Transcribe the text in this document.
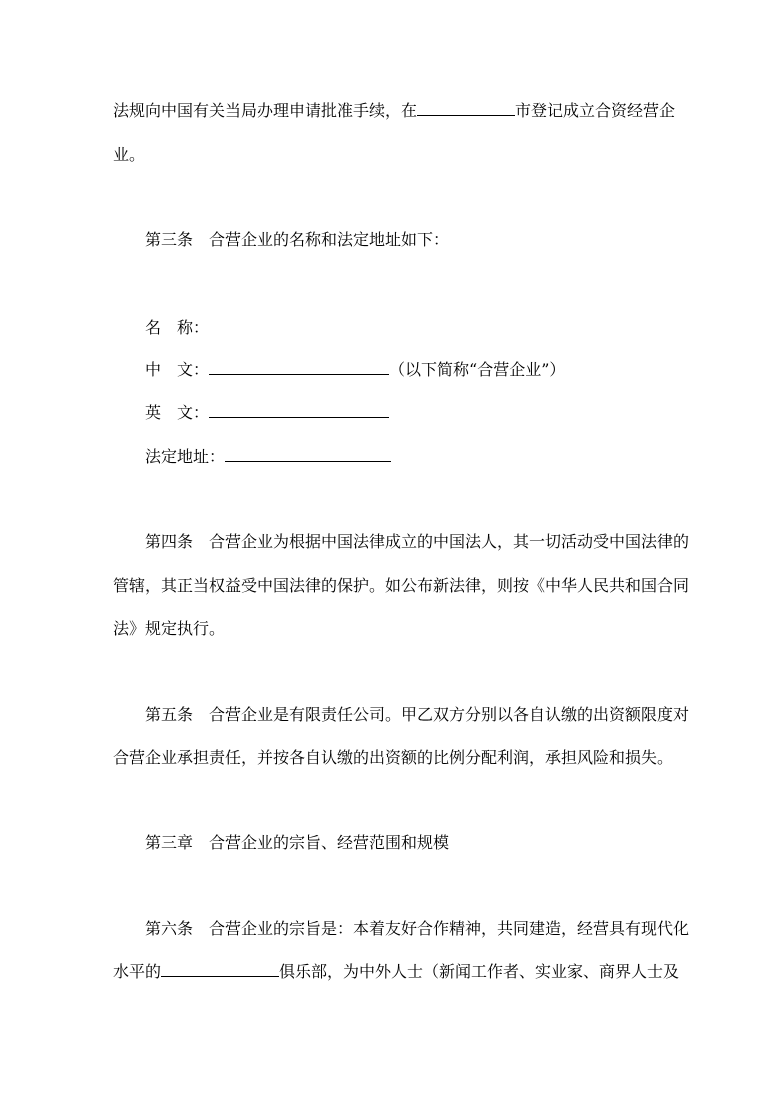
法规向中国有关当局办理申请批准手续，在	市登记成立合资经营企
业。
第三条　合营企业的名称和法定地址如下：
名　称：
中　文：	（以下简称“合营企业”）
英　文：
法定地址：
第四条　合营企业为根据中国法律成立的中国法人，其一切活动受中国法律的
管辖，其正当权益受中国法律的保护。如公布新法律，则按《中华人民共和国合同
法》规定执行。
第五条　合营企业是有限责任公司。甲乙双方分别以各自认缴的出资额限度对
合营企业承担责任，并按各自认缴的出资额的比例分配利润，承担风险和损失。
第三章　合营企业的宗旨、经营范围和规模
第六条　合营企业的宗旨是：本着友好合作精神，共同建造，经营具有现代化
水平的	俱乐部，为中外人士（新闻工作者、实业家、商界人士及
